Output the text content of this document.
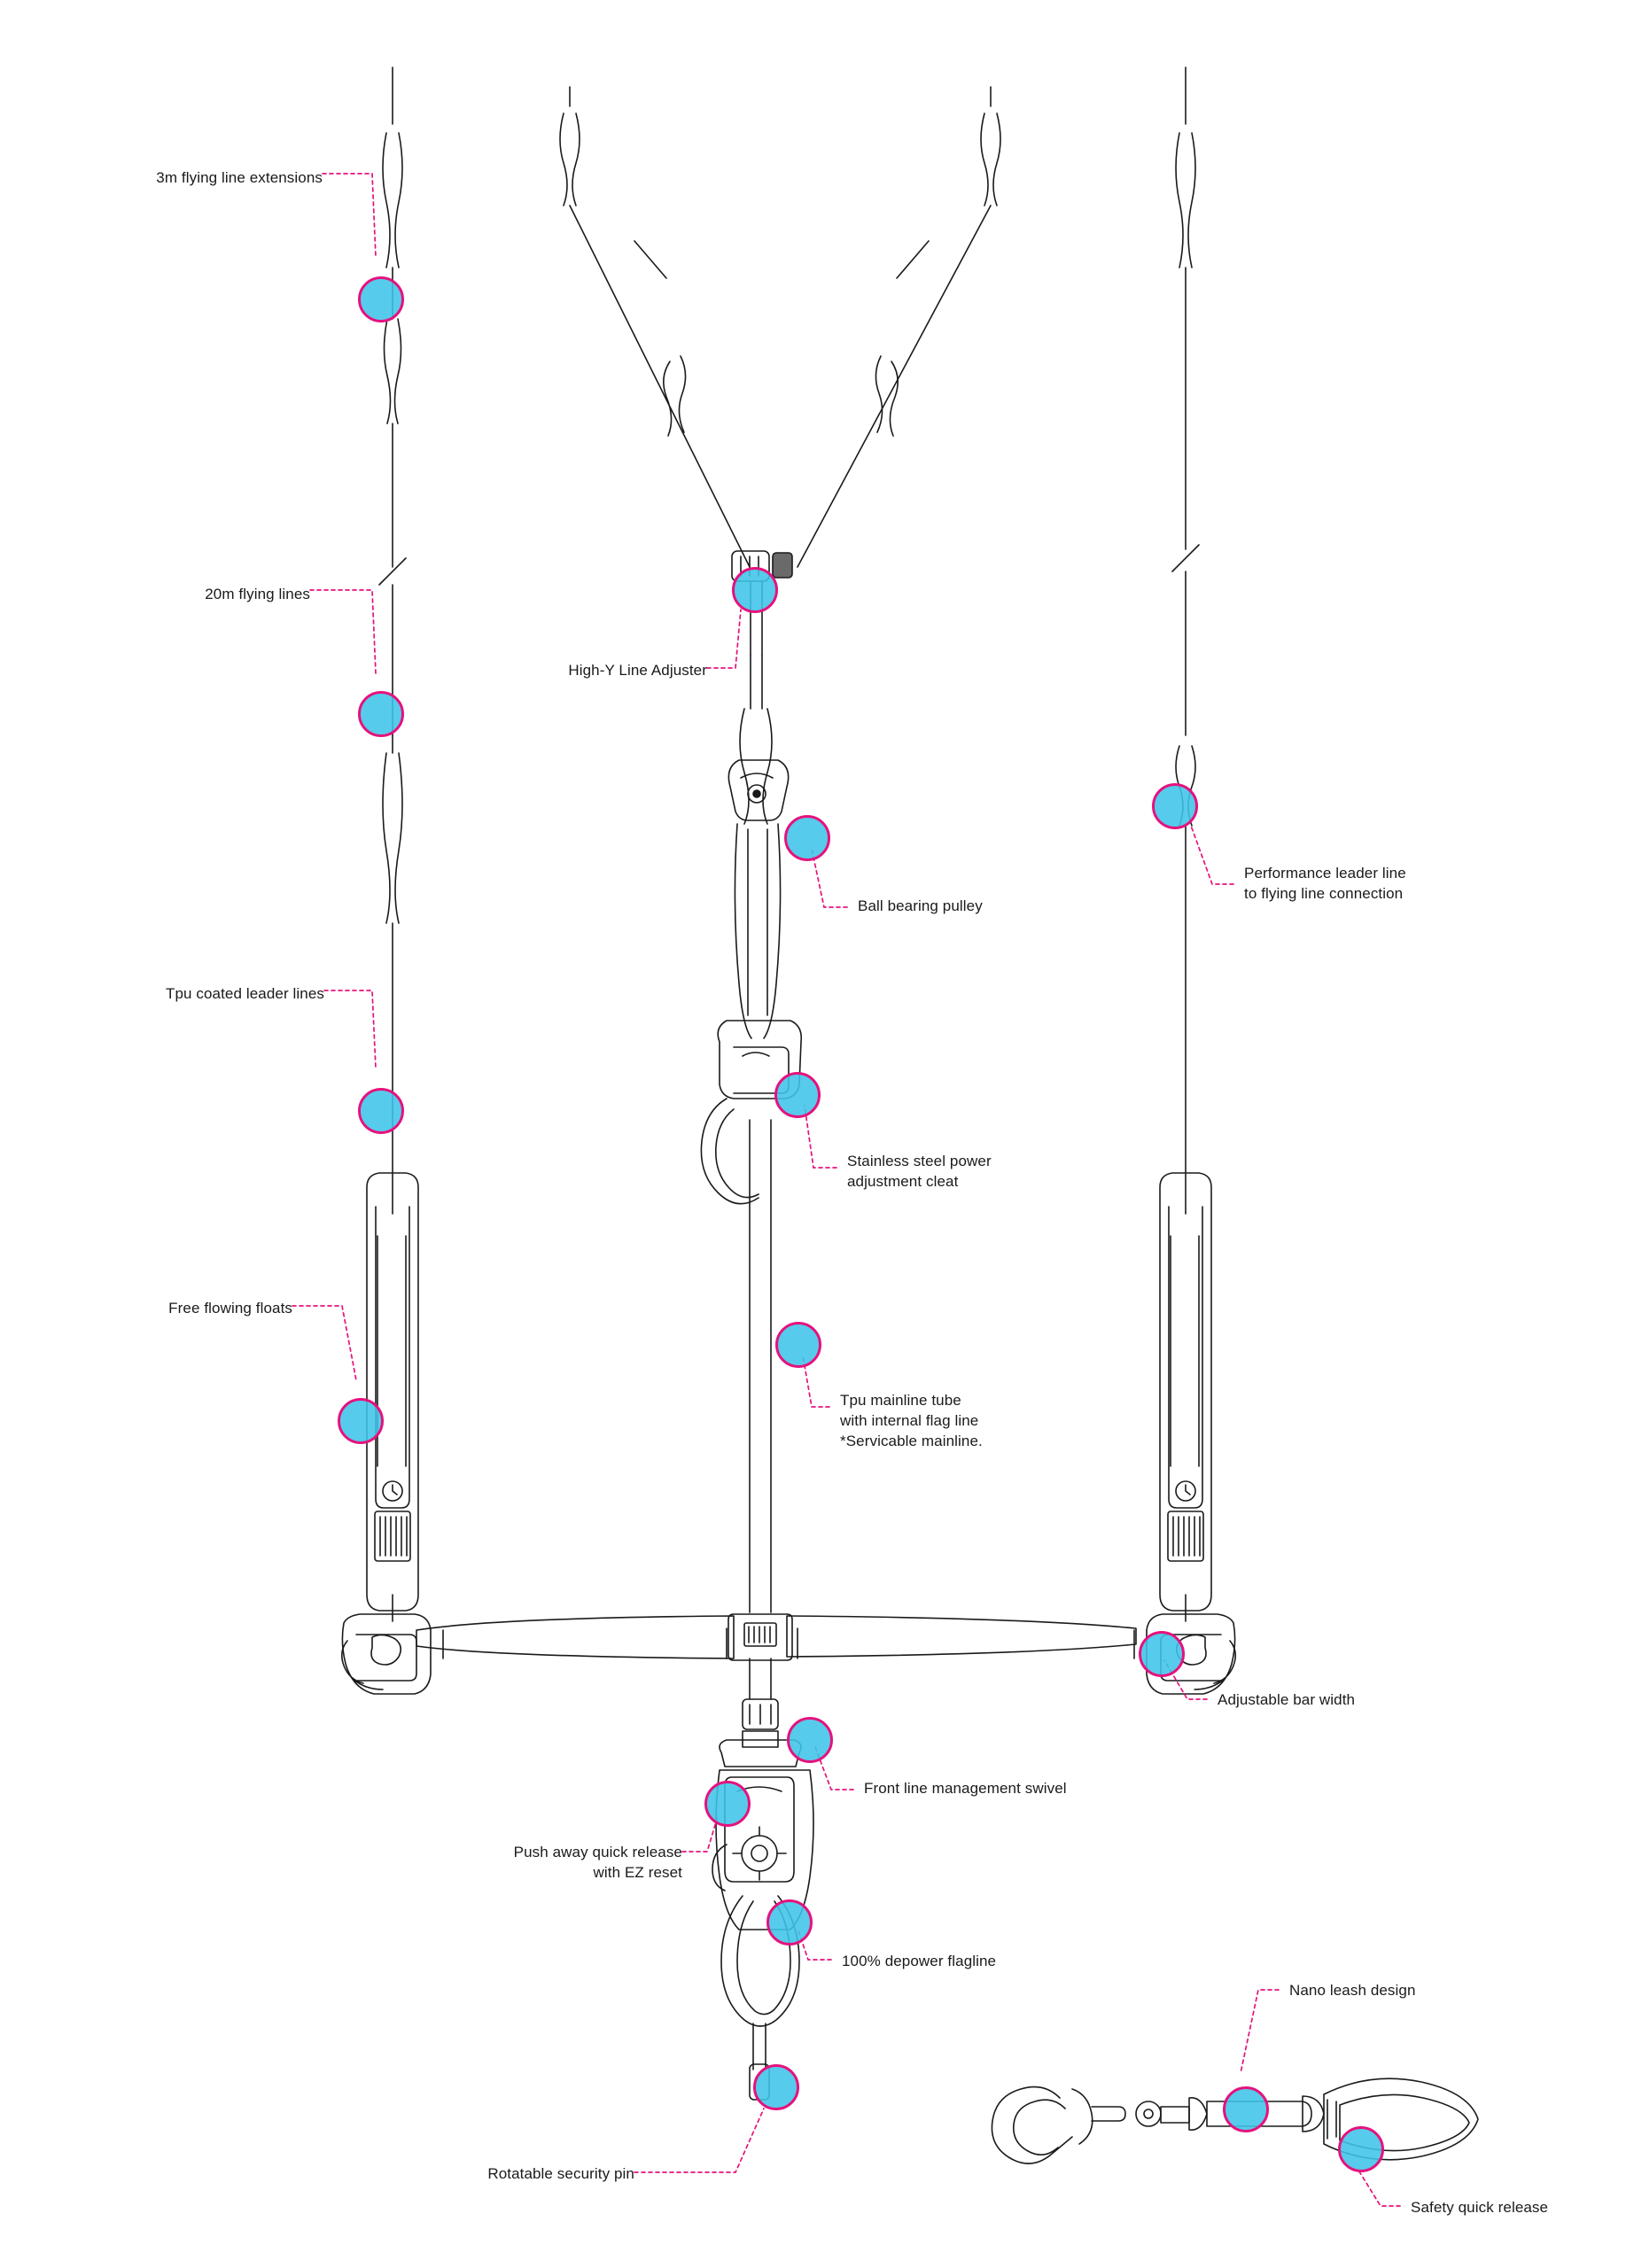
3m flying line extensions
20m flying lines
High-Y Line Adjuster
Ball bearing pulley
Performance leader line
to flying line connection
Tpu coated leader lines
Stainless steel power
adjustment cleat
Free flowing floats
Tpu mainline tube
with internal flag line
*Servicable mainline.
Adjustable bar width
Front line management swivel
Push away quick release
with EZ reset
100% depower flagline
Rotatable security pin
Nano leash design
Safety quick release
